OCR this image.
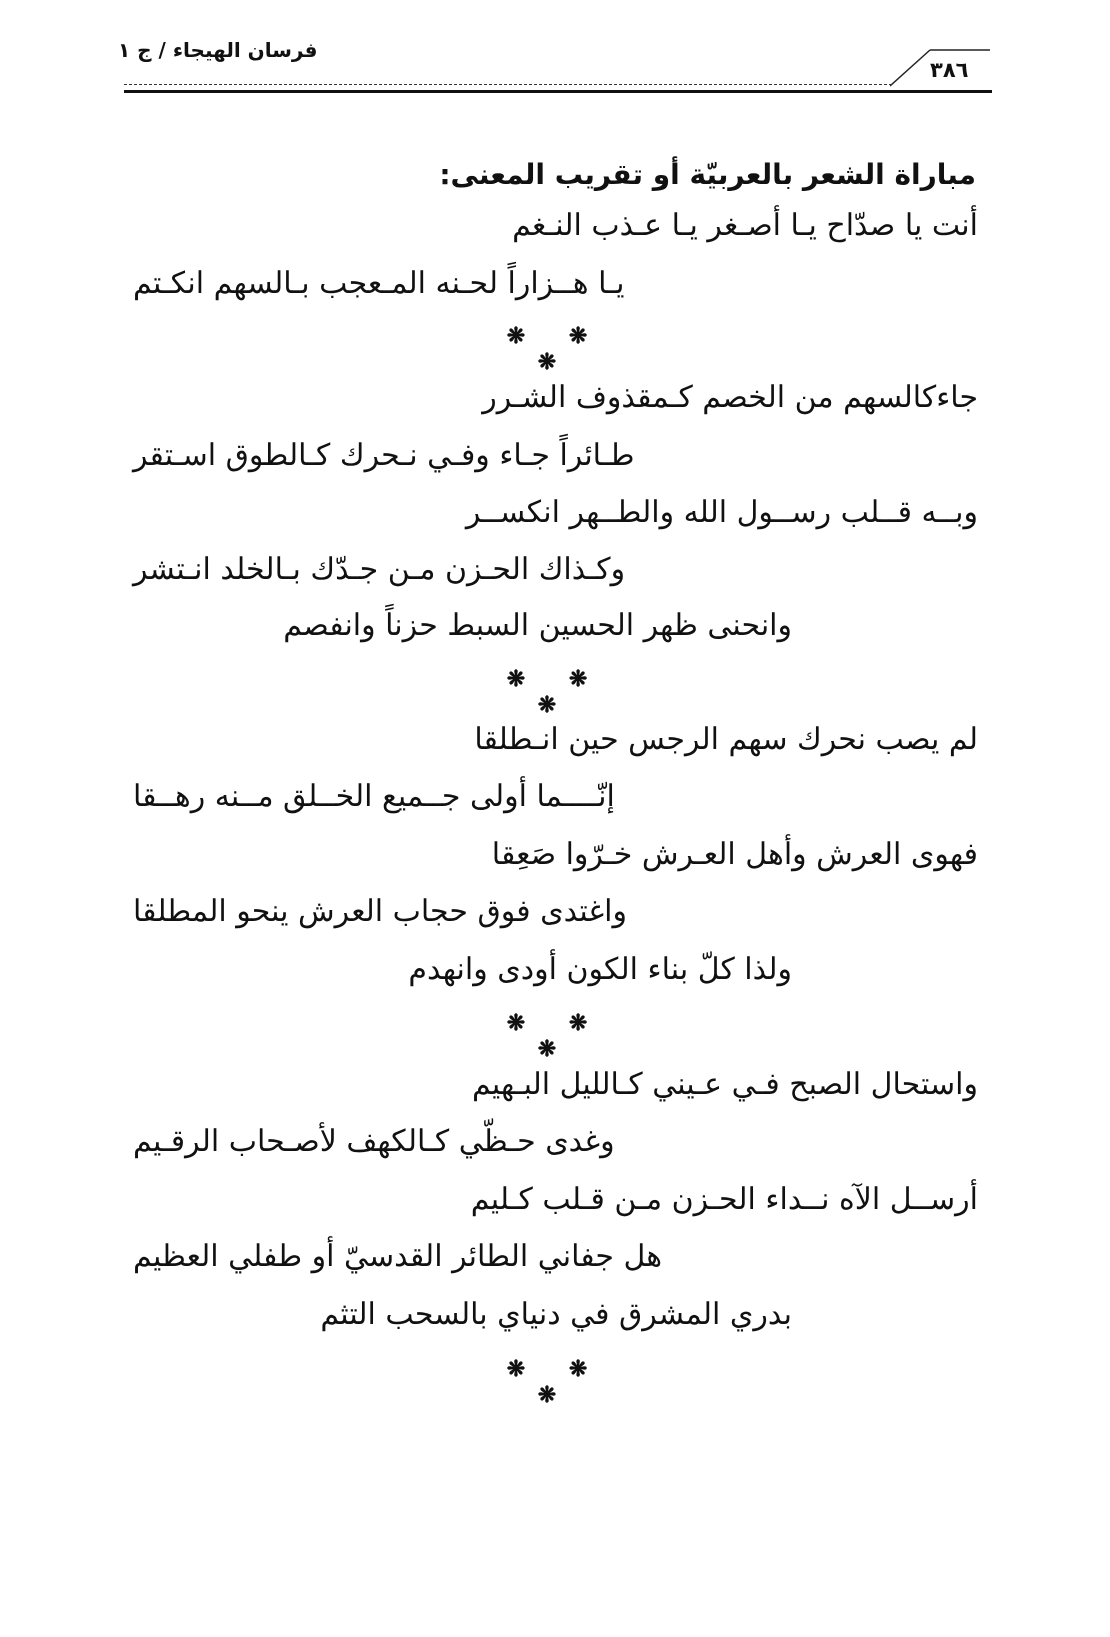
فرسان الهيجاء / ج ١
٣٨٦
مباراة الشعر بالعربيّة أو تقريب المعنى:
أنت يا صدّاح يـا أصـغر يـا عـذب النـغم
يـا هــزاراً لحـنه المـعجب بـالسهم انكـتم
❋ ❋ ❋
جاءكالسهم من الخصم كـمقذوف الشـرر
طـائراً جـاء وفـي نـحرك كـالطوق اسـتقر
وبــه قــلب رســول الله والطــهر انكســر
وكـذاك الحـزن مـن جـدّك بـالخلد انـتشر
وانحنى ظهر الحسين السبط حزناً وانفصم
❋ ❋ ❋
لم يصب نحرك سهم الرجس حين انـطلقا
إنّــــما أولى جــميع الخــلق مــنه رهــقا
فهوى العرش وأهل العـرش خـرّوا صَعِقا
واغتدى فوق حجاب العرش ينحو المطلقا
ولذا كلّ بناء الكون أودى وانهدم
❋ ❋ ❋
واستحال الصبح فـي عـيني كـالليل البـهيم
وغدى حـظّي كـالكهف لأصـحاب الرقـيم
أرســل الآه نــداء الحـزن مـن قـلب كـليم
هل جفاني الطائر القدسيّ أو طفلي العظيم
بدري المشرق في دنياي بالسحب التثم
❋ ❋ ❋
